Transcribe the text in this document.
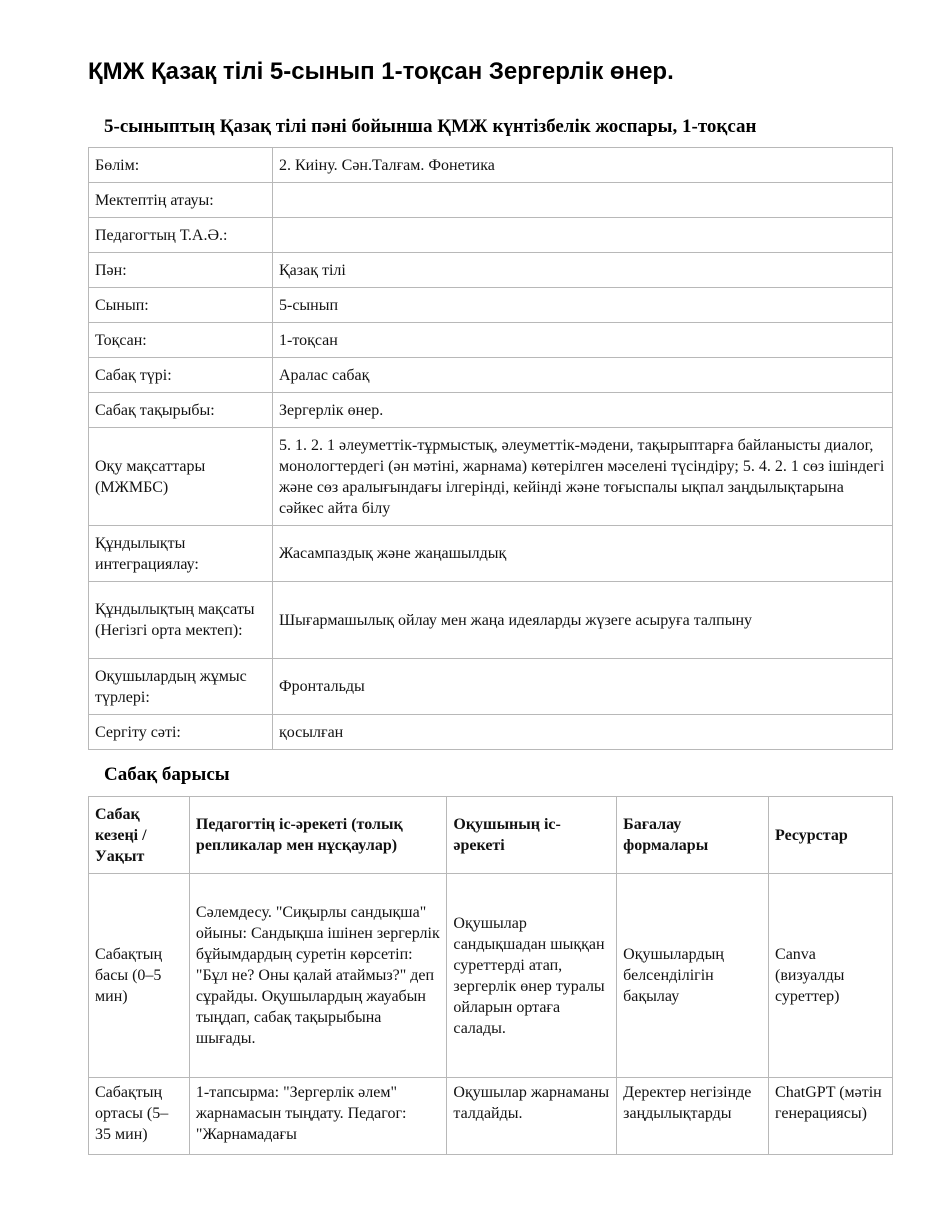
ҚМЖ Қазақ тілі 5-сынып 1-тоқсан Зергерлік өнер.
5-сыныптың Қазақ тілі пәні бойынша ҚМЖ күнтізбелік жоспары, 1-тоқсан
Бөлім:	2. Киіну. Сән.Талғам. Фонетика
Мектептің атауы:	
Педагогтың Т.А.Ә.:	
Пән:	Қазақ тілі
Сынып:	5-сынып
Тоқсан:	1-тоқсан
Сабақ түрі:	Аралас сабақ
Сабақ тақырыбы:	Зергерлік өнер.
Оқу мақсаттары (МЖМБС)	5. 1. 2. 1 әлеуметтік-тұрмыстық, әлеуметтік-мәдени, тақырыптарға байланысты диалог, монологтердегі (ән мәтіні, жарнама) көтерілген мәселені түсіндіру; 5. 4. 2. 1 сөз ішіндегі және сөз аралығындағы ілгерінді, кейінді және тоғыспалы ықпал заңдылықтарына сәйкес айта білу
Құндылықты интеграциялау:	Жасампаздық және жаңашылдық
Құндылықтың мақсаты (Негізгі орта мектеп):	Шығармашылық ойлау мен жаңа идеяларды жүзеге асыруға талпыну
Оқушылардың жұмыс түрлері:	Фронтальды
Сергіту сәті:	қосылған
Сабақ барысы
Сабақ кезеңі / Уақыт	Педагогтің іс-әрекеті (толық репликалар мен нұсқаулар)	Оқушының іс-әрекеті	Бағалау формалары	Ресурстар
Сабақтың басы (0–5 мин)	Сәлемдесу. "Сиқырлы сандықша" ойыны: Сандықша ішінен зергерлік бұйымдардың суретін көрсетіп: "Бұл не? Оны қалай атаймыз?" деп сұрайды. Оқушылардың жауабын тыңдап, сабақ тақырыбына шығады.	Оқушылар сандықшадан шыққан суреттерді атап, зергерлік өнер туралы ойларын ортаға салады.	Оқушылардың белсенділігін бақылау	Canva (визуалды суреттер)
Сабақтың ортасы (5–35 мин)	1-тапсырма: "Зергерлік әлем" жарнамасын тыңдату. Педагог: "Жарнамадағы	Оқушылар жарнаманы талдайды.	Деректер негізінде заңдылықтарды	ChatGPT (мәтін генерациясы)
